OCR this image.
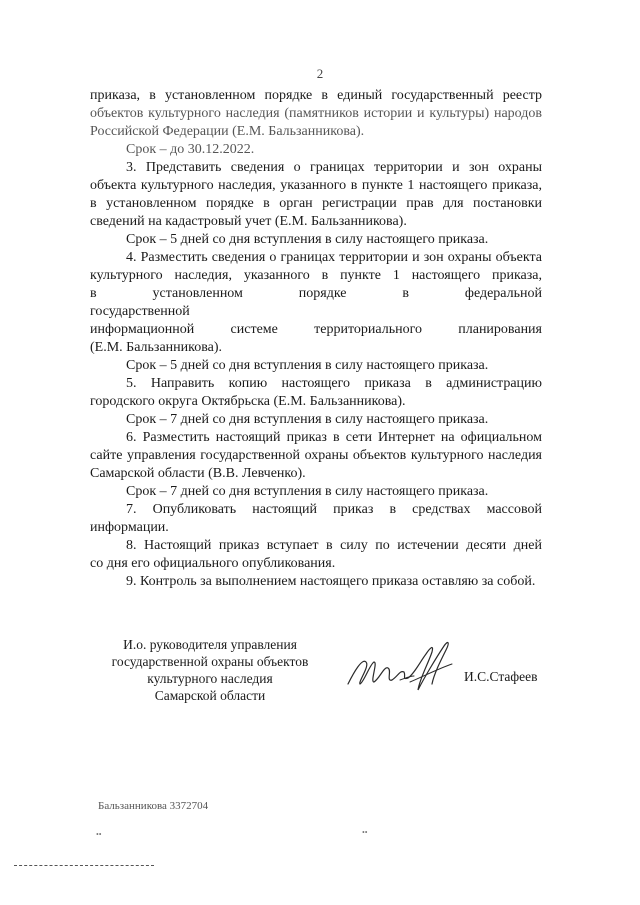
2

приказа, в установленном порядке в единый государственный реестр

объектов культурного наследия (памятников истории и культуры) народов

Российской Федерации (Е.М. Бальзанникова).

Срок – до 30.12.2022.

3. Представить сведения о границах территории и зон охраны

объекта культурного наследия, указанного в пункте 1 настоящего приказа,

в установленном порядке в орган регистрации прав для постановки

сведений на кадастровый учет (Е.М. Бальзанникова).

Срок – 5 дней со дня вступления в силу настоящего приказа.

4. Разместить сведения о границах территории и зон охраны объекта

культурного наследия, указанного в пункте 1 настоящего приказа,

в установленном порядке в федеральной государственной

информационной системе территориального планирования

(Е.М. Бальзанникова).

Срок – 5 дней со дня вступления в силу настоящего приказа.

5. Направить копию настоящего приказа в администрацию

городского округа Октябрьска (Е.М. Бальзанникова).

Срок – 7 дней со дня вступления в силу настоящего приказа.

6. Разместить настоящий приказ в сети Интернет на официальном

сайте управления государственной охраны объектов культурного наследия

Самарской области (В.В. Левченко).

Срок – 7 дней со дня вступления в силу настоящего приказа.

7. Опубликовать настоящий приказ в средствах массовой

информации.

8. Настоящий приказ вступает в силу по истечении десяти дней

со дня его официального опубликования.

9. Контроль за выполнением настоящего приказа оставляю за собой.

И.о. руководителя управления
государственной охраны объектов
культурного наследия
Самарской области
И.С.Стафеев
Бальзанникова 3372704
••	••
